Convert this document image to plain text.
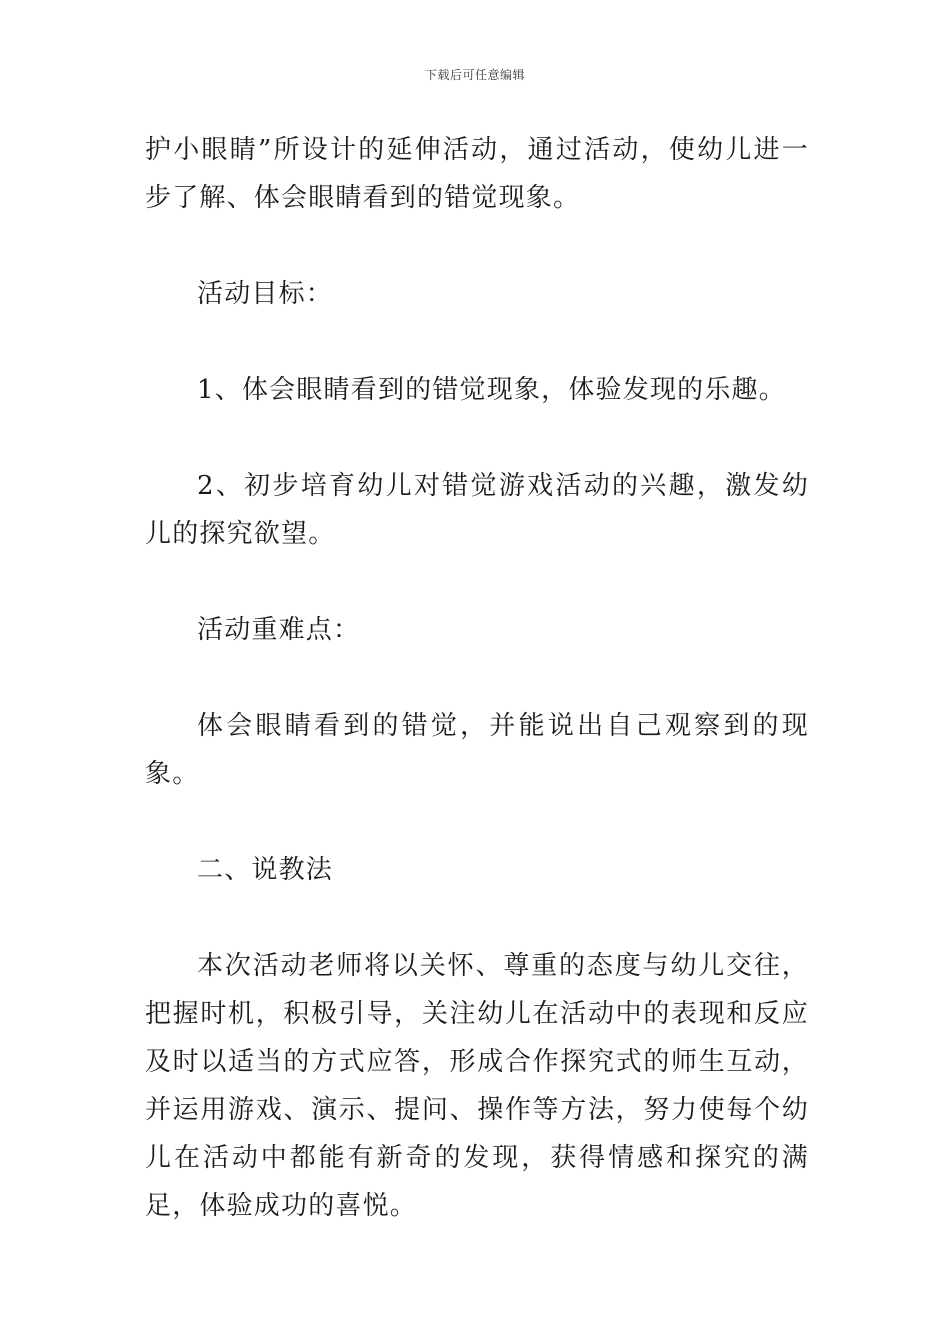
下载后可任意编辑

护小眼睛”所设计的延伸活动，通过活动，使幼儿进一步了解、体会眼睛看到的错觉现象。

活动目标：

1、体会眼睛看到的错觉现象，体验发现的乐趣。

2、初步培育幼儿对错觉游戏活动的兴趣，激发幼儿的探究欲望。

活动重难点：

体会眼睛看到的错觉，并能说出自己观察到的现象。

二、说教法

本次活动老师将以关怀、尊重的态度与幼儿交往，把握时机，积极引导，关注幼儿在活动中的表现和反应及时以适当的方式应答，形成合作探究式的师生互动，并运用游戏、演示、提问、操作等方法，努力使每个幼儿在活动中都能有新奇的发现，获得情感和探究的满足，体验成功的喜悦。
